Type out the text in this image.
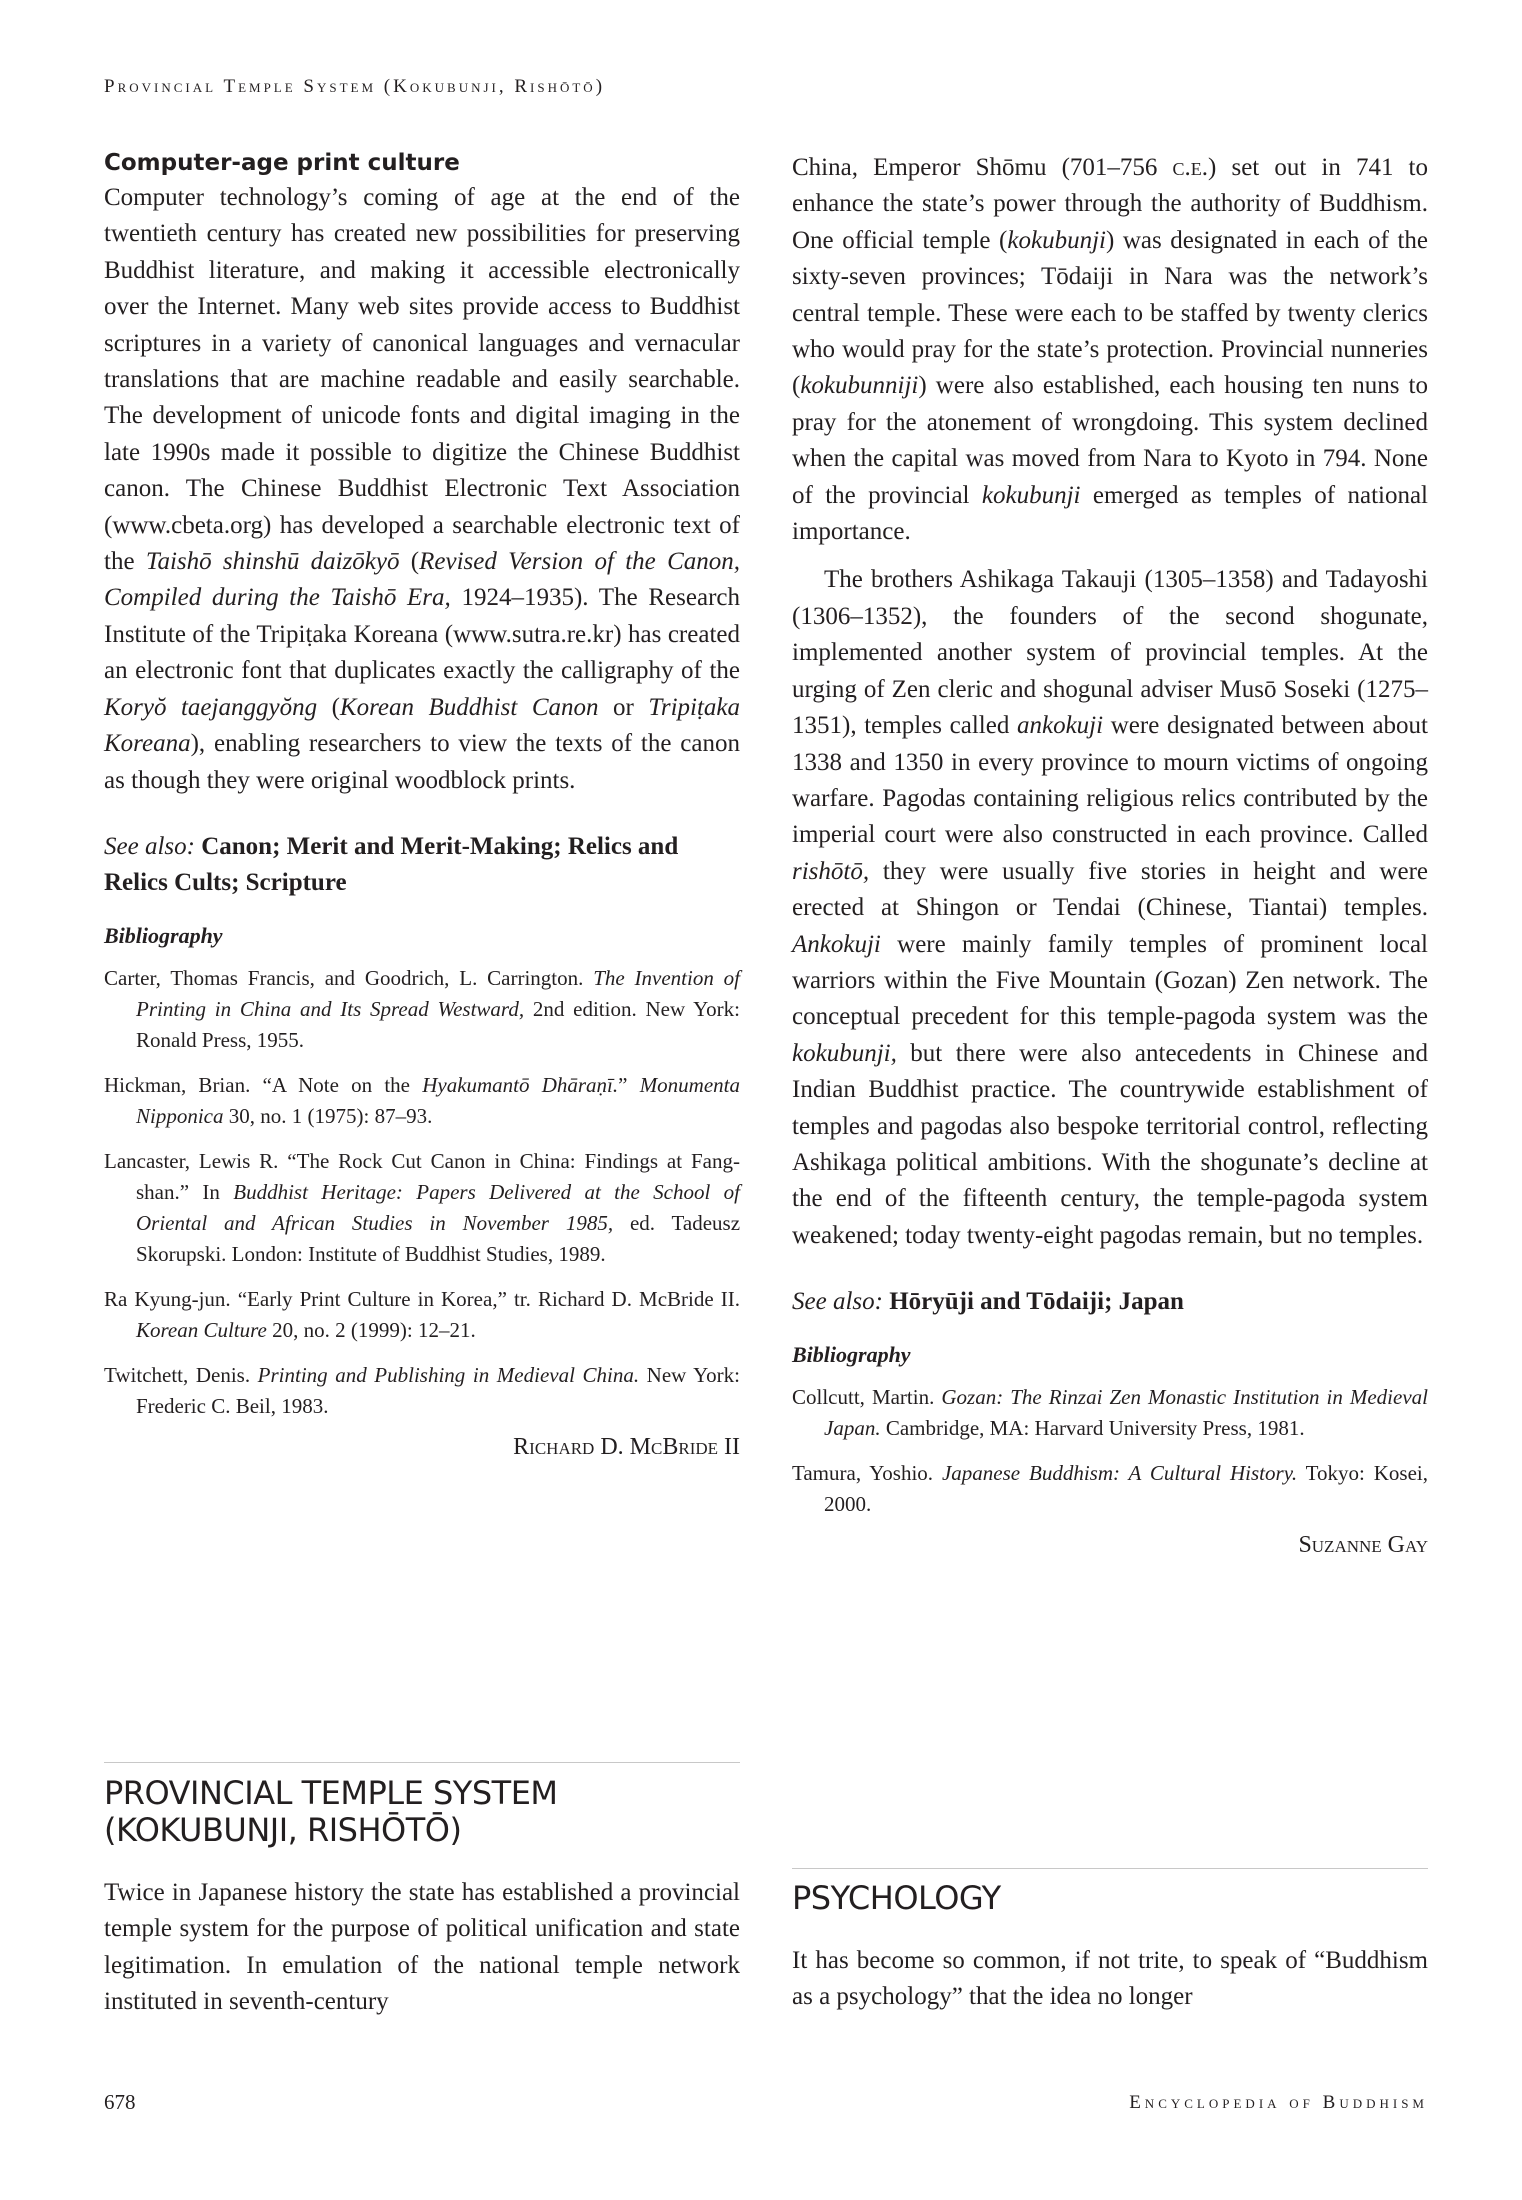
Provincial Temple System (Kokubunji, Rishōtō)
Computer-age print culture

Computer technology’s coming of age at the end of the twentieth century has created new possibilities for preserving Buddhist literature, and making it accessible electronically over the Internet. Many web sites provide access to Buddhist scriptures in a variety of canonical languages and vernacular translations that are machine readable and easily searchable. The development of unicode fonts and digital imaging in the late 1990s made it possible to digitize the Chinese Buddhist canon. The Chinese Buddhist Electronic Text Association (www.cbeta.org) has developed a searchable electronic text of the Taishō shinshū daizōkyō (Revised Version of the Canon, Compiled during the Taishō Era, 1924–1935). The Research Institute of the Tripiṭaka Koreana (www.sutra.re.kr) has created an electronic font that duplicates exactly the calligraphy of the Koryŏ taejanggyŏng (Korean Buddhist Canon or Tripiṭaka Koreana), enabling researchers to view the texts of the canon as though they were original woodblock prints.

See also: Canon; Merit and Merit-Making; Relics and Relics Cults; Scripture

Bibliography

Carter, Thomas Francis, and Goodrich, L. Carrington. The Invention of Printing in China and Its Spread Westward, 2nd edition. New York: Ronald Press, 1955.

Hickman, Brian. “A Note on the Hyakumantō Dhāraṇī.” Monumenta Nipponica 30, no. 1 (1975): 87–93.

Lancaster, Lewis R. “The Rock Cut Canon in China: Findings at Fang-shan.” In Buddhist Heritage: Papers Delivered at the School of Oriental and African Studies in November 1985, ed. Tadeusz Skorupski. London: Institute of Buddhist Studies, 1989.

Ra Kyung-jun. “Early Print Culture in Korea,” tr. Richard D. McBride II. Korean Culture 20, no. 2 (1999): 12–21.

Twitchett, Denis. Printing and Publishing in Medieval China. New York: Frederic C. Beil, 1983.

Richard D. McBride II

PROVINCIAL TEMPLE SYSTEM
(KOKUBUNJI, RISHŌTŌ)

Twice in Japanese history the state has established a provincial temple system for the purpose of political unification and state legitimation. In emulation of the national temple network instituted in seventh-century

China, Emperor Shōmu (701–756 c.e.) set out in 741 to enhance the state’s power through the authority of Buddhism. One official temple (kokubunji) was designated in each of the sixty-seven provinces; Tōdaiji in Nara was the network’s central temple. These were each to be staffed by twenty clerics who would pray for the state’s protection. Provincial nunneries (kokubunniji) were also established, each housing ten nuns to pray for the atonement of wrongdoing. This system declined when the capital was moved from Nara to Kyoto in 794. None of the provincial kokubunji emerged as temples of national importance.

The brothers Ashikaga Takauji (1305–1358) and Tadayoshi (1306–1352), the founders of the second shogunate, implemented another system of provincial temples. At the urging of Zen cleric and shogunal adviser Musō Soseki (1275–1351), temples called ankokuji were designated between about 1338 and 1350 in every province to mourn victims of ongoing warfare. Pagodas containing religious relics contributed by the imperial court were also constructed in each province. Called rishōtō, they were usually five stories in height and were erected at Shingon or Tendai (Chinese, Tiantai) temples. Ankokuji were mainly family temples of prominent local warriors within the Five Mountain (Gozan) Zen network. The conceptual precedent for this temple-pagoda system was the kokubunji, but there were also antecedents in Chinese and Indian Buddhist practice. The countrywide establishment of temples and pagodas also bespoke territorial control, reflecting Ashikaga political ambitions. With the shogunate’s decline at the end of the fifteenth century, the temple-pagoda system weakened; today twenty-eight pagodas remain, but no temples.

See also: Hōryūji and Tōdaiji; Japan

Bibliography

Collcutt, Martin. Gozan: The Rinzai Zen Monastic Institution in Medieval Japan. Cambridge, MA: Harvard University Press, 1981.

Tamura, Yoshio. Japanese Buddhism: A Cultural History. Tokyo: Kosei, 2000.

Suzanne Gay

PSYCHOLOGY

It has become so common, if not trite, to speak of “Buddhism as a psychology” that the idea no longer

678	Encyclopedia of Buddhism
